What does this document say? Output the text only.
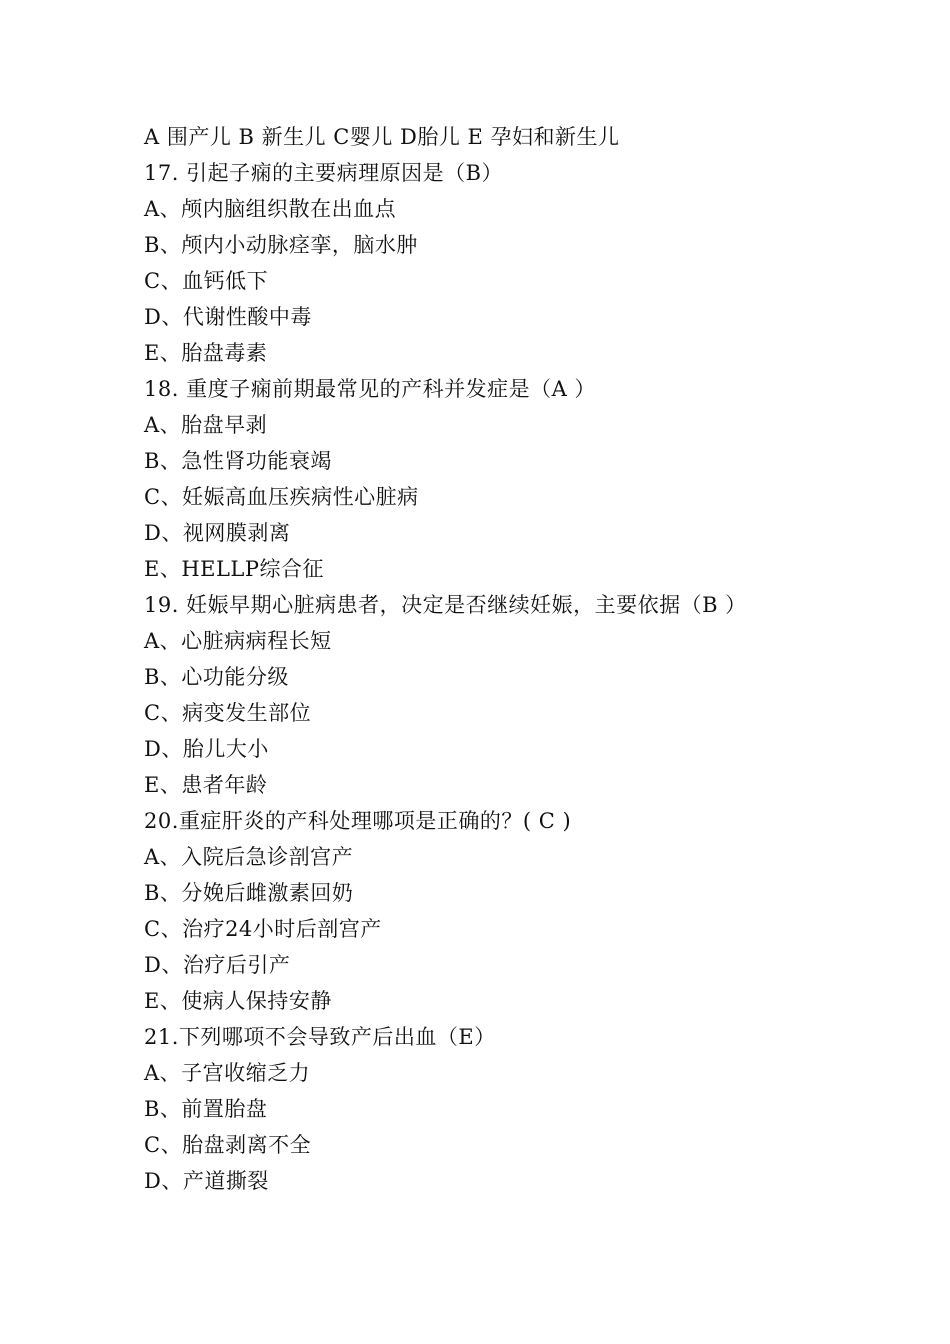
A 围产儿 B 新生儿 C婴儿 D胎儿 E 孕妇和新生儿
17. 引起子痫的主要病理原因是（B）
A、颅内脑组织散在出血点
B、颅内小动脉痉挛，脑水肿
C、血钙低下
D、代谢性酸中毒
E、胎盘毒素
18. 重度子痫前期最常见的产科并发症是（A ）
A、胎盘早剥
B、急性肾功能衰竭
C、妊娠高血压疾病性心脏病
D、视网膜剥离
E、HELLP综合征
19. 妊娠早期心脏病患者，决定是否继续妊娠，主要依据（B ）
A、心脏病病程长短
B、心功能分级
C、病变发生部位
D、胎儿大小
E、患者年龄
20.重症肝炎的产科处理哪项是正确的？( C )
A、入院后急诊剖宫产
B、分娩后雌激素回奶
C、治疗24小时后剖宫产
D、治疗后引产
E、使病人保持安静
21.下列哪项不会导致产后出血（E）
A、子宫收缩乏力
B、前置胎盘
C、胎盘剥离不全
D、产道撕裂
